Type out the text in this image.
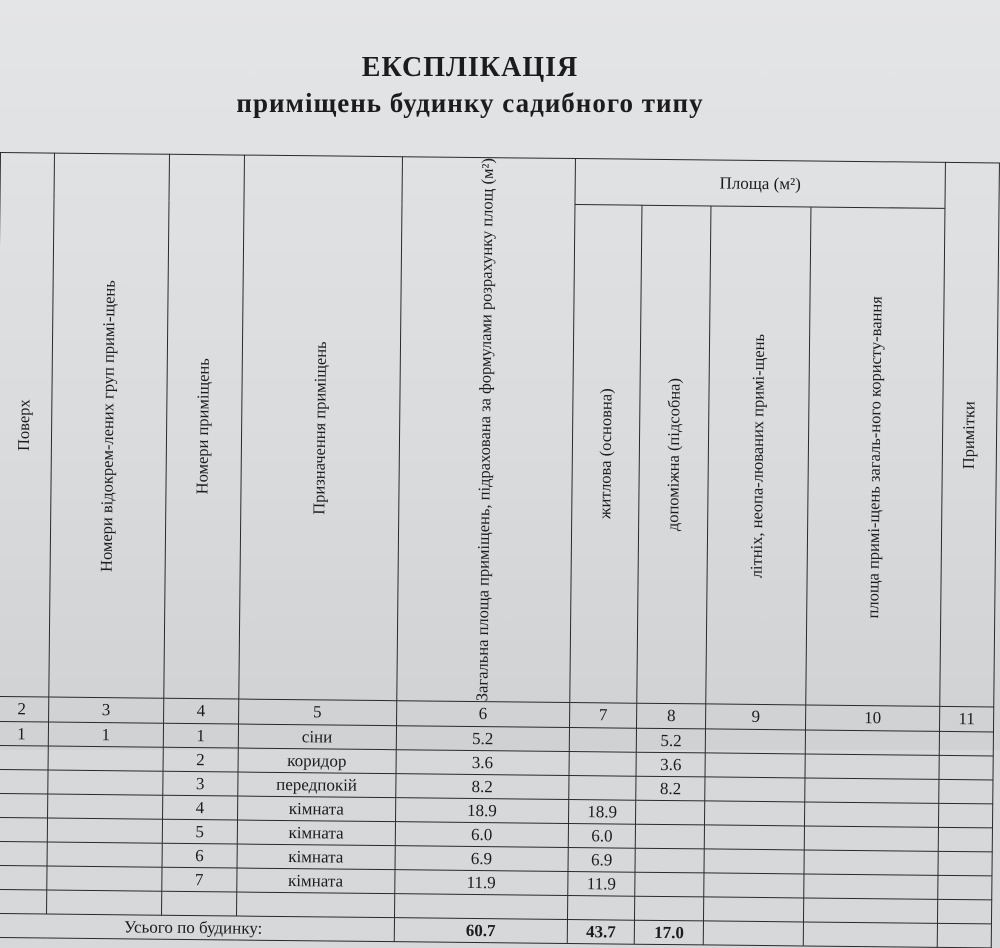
ЕКСПЛІКАЦІЯ
приміщень будинку садибного типу
Поверх	Номери відокрем-лених груп примі-щень	Номери приміщень	Призначення приміщень	Загальна площа приміщень, підрахована за формулами розрахунку площ (м²)	Площа (м²)				Примітки

					житлова (основна)	допоміжна (підсобна)	літніх, неопа-люваних примі-щень	площа примі-щень загаль-ного користу-вання	

2	3	4	5	6	7	8	9	10	11
1	1	1	сіни	5.2		5.2			
		2	коридор	3.6		3.6			
		3	передпокій	8.2		8.2			
		4	кімната	18.9	18.9				
		5	кімната	6.0	6.0				
		6	кімната	6.9	6.9				
		7	кімната	11.9	11.9				

Усього по будинку:				60.7	43.7	17.0			
